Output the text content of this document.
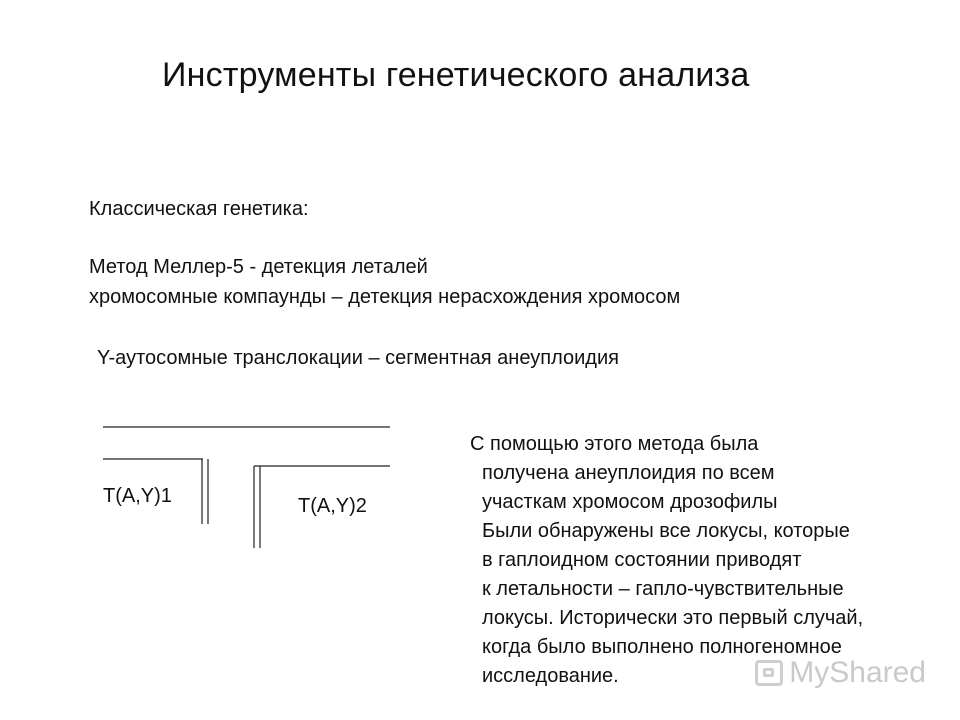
Инструменты генетического анализа
Классическая генетика:
Метод Меллер-5 - детекция леталей
хромосомные компаунды – детекция нерасхождения хромосом
Y-аутосомные транслокации – сегментная анеуплоидия
T(A,Y)1	T(A,Y)2
С помощью этого метода была
получена анеуплоидия по всем
участкам хромосом дрозофилы
Были обнаружены все локусы, которые
в гаплоидном состоянии приводят
к летальности – гапло-чувствительные
локусы. Исторически это первый случай,
когда было выполнено полногеномное
исследование.	MyShared
